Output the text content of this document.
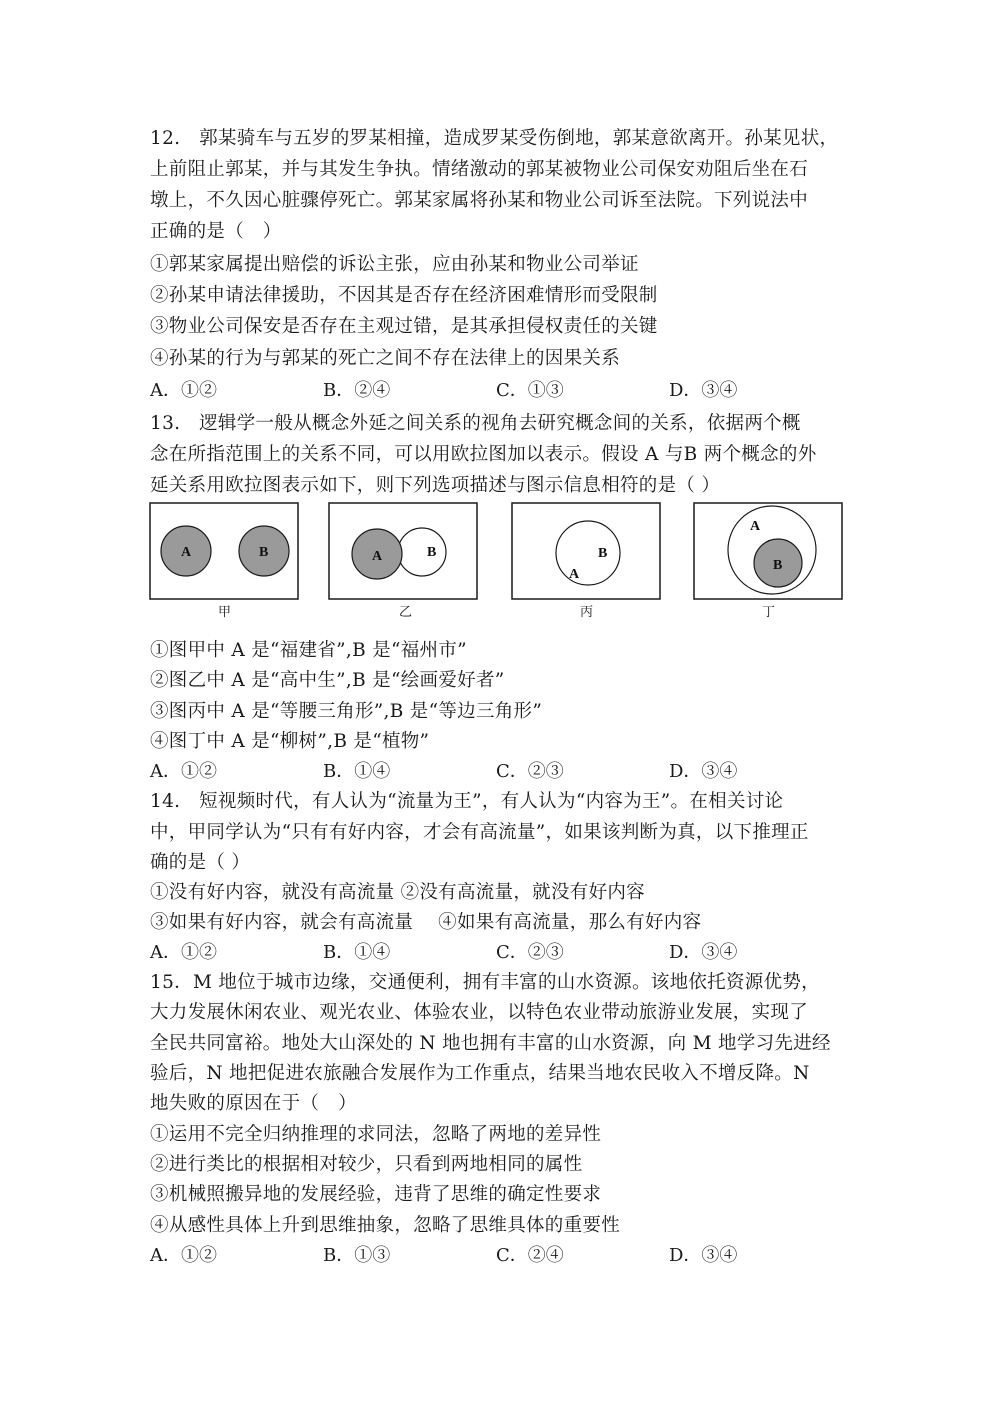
12.　郭某骑车与五岁的罗某相撞，造成罗某受伤倒地，郭某意欲离开。孙某见状，
上前阻止郭某，并与其发生争执。情绪激动的郭某被物业公司保安劝阻后坐在石
墩上，不久因心脏骤停死亡。郭某家属将孙某和物业公司诉至法院。下列说法中
正确的是（　）
①郭某家属提出赔偿的诉讼主张，应由孙某和物业公司举证
②孙某申请法律援助，不因其是否存在经济困难情形而受限制
③物业公司保安是否存在主观过错，是其承担侵权责任的关键
④孙某的行为与郭某的死亡之间不存在法律上的因果关系
A．①②	B．②④	C．①③	D．③④
13.　逻辑学一般从概念外延之间关系的视角去研究概念间的关系，依据两个概
念在所指范围上的关系不同，可以用欧拉图加以表示。假设 A 与B 两个概念的外
延关系用欧拉图表示如下，则下列选项描述与图示信息相符的是（ ）
A	B
甲
A	B
乙
B
A
丙
A
B
丁
①图甲中 A 是“福建省”,B 是“福州市”
②图乙中 A 是“高中生”,B 是“绘画爱好者”
③图丙中 A 是“等腰三角形”,B 是“等边三角形”
④图丁中 A 是“柳树”,B 是“植物”
A．①②	B．①④	C．②③	D．③④
14.　短视频时代，有人认为“流量为王”，有人认为“内容为王”。在相关讨论
中，甲同学认为“只有有好内容，才会有高流量”，如果该判断为真，以下推理正
确的是（ ）
①没有好内容，就没有高流量 ②没有高流量，就没有好内容
③如果有好内容，就会有高流量　 ④如果有高流量，那么有好内容
A．①②	B．①④	C．②③	D．③④
15．M 地位于城市边缘，交通便利，拥有丰富的山水资源。该地依托资源优势，
大力发展休闲农业、观光农业、体验农业，以特色农业带动旅游业发展，实现了
全民共同富裕。地处大山深处的 N 地也拥有丰富的山水资源，向 M 地学习先进经
验后，N 地把促进农旅融合发展作为工作重点，结果当地农民收入不增反降。N
地失败的原因在于（　）
①运用不完全归纳推理的求同法，忽略了两地的差异性
②进行类比的根据相对较少，只看到两地相同的属性
③机械照搬异地的发展经验，违背了思维的确定性要求
④从感性具体上升到思维抽象，忽略了思维具体的重要性
A．①②	B．①③	C．②④	D．③④
